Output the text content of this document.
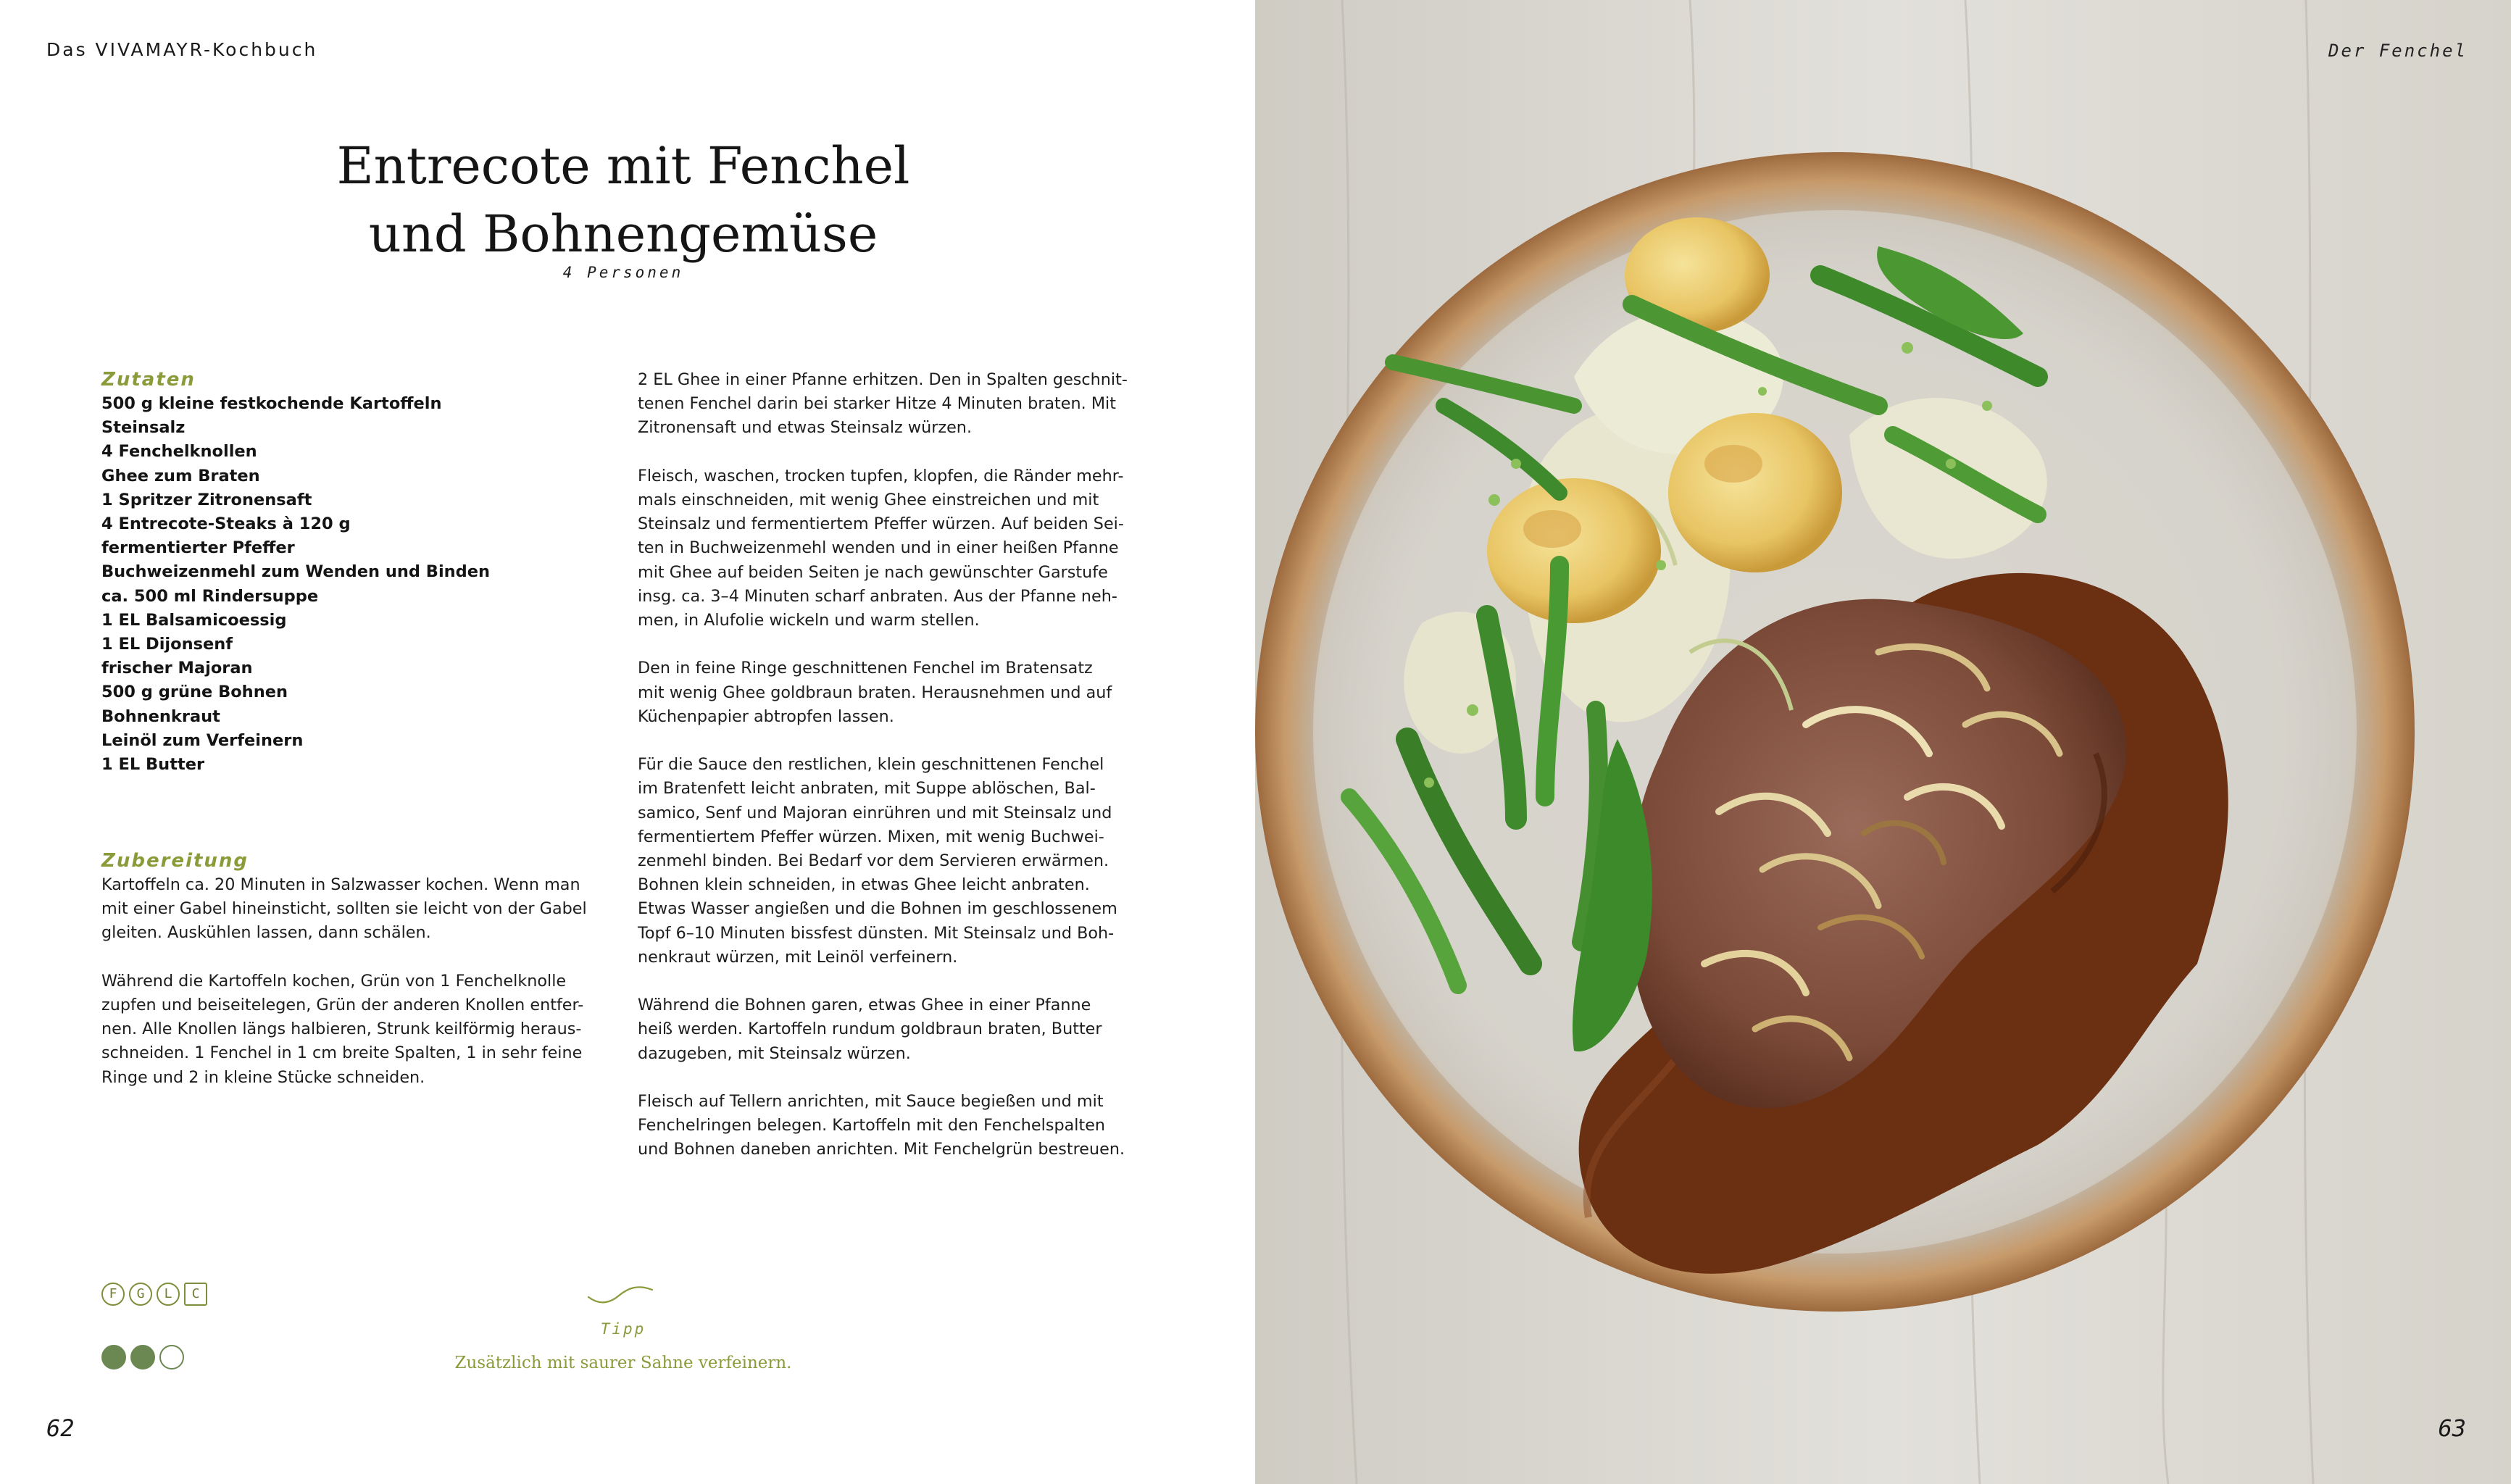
Das VIVAMAYR-Kochbuch
Entrecote mit Fenchel
und Bohnengemüse
4 Personen
Zutaten
500 g kleine festkochende Kartoffeln
Steinsalz
4 Fenchelknollen
Ghee zum Braten
1 Spritzer Zitronensaft
4 Entrecote-Steaks à 120 g
fermentierter Pfeffer
Buchweizenmehl zum Wenden und Binden
ca. 500 ml Rindersuppe
1 EL Balsamicoessig
1 EL Dijonsenf
frischer Majoran
500 g grüne Bohnen
Bohnenkraut
Leinöl zum Verfeinern
1 EL Butter
Zubereitung

Kartoffeln ca. 20 Minuten in Salzwasser kochen. Wenn man
mit einer Gabel hineinsticht, sollten sie leicht von der Gabel
gleiten. Auskühlen lassen, dann schälen.

Während die Kartoffeln kochen, Grün von 1 Fenchelknolle
zupfen und beiseitelegen, Grün der anderen Knollen entfer-
nen. Alle Knollen längs halbieren, Strunk keilförmig heraus-
schneiden. 1 Fenchel in 1 cm breite Spalten, 1 in sehr feine
Ringe und 2 in kleine Stücke schneiden.

2 EL Ghee in einer Pfanne erhitzen. Den in Spalten geschnit-
tenen Fenchel darin bei starker Hitze 4 Minuten braten. Mit
Zitronensaft und etwas Steinsalz würzen.

Fleisch, waschen, trocken tupfen, klopfen, die Ränder mehr-
mals einschneiden, mit wenig Ghee einstreichen und mit
Steinsalz und fermentiertem Pfeffer würzen. Auf beiden Sei-
ten in Buchweizenmehl wenden und in einer heißen Pfanne
mit Ghee auf beiden Seiten je nach gewünschter Garstufe
insg. ca. 3–4 Minuten scharf anbraten. Aus der Pfanne neh-
men, in Alufolie wickeln und warm stellen.

Den in feine Ringe geschnittenen Fenchel im Bratensatz
mit wenig Ghee goldbraun braten. Herausnehmen und auf
Küchenpapier abtropfen lassen.

Für die Sauce den restlichen, klein geschnittenen Fenchel
im Bratenfett leicht anbraten, mit Suppe ablöschen, Bal-
samico, Senf und Majoran einrühren und mit Steinsalz und
fermentiertem Pfeffer würzen. Mixen, mit wenig Buchwei-
zenmehl binden. Bei Bedarf vor dem Servieren erwärmen.
Bohnen klein schneiden, in etwas Ghee leicht anbraten.
Etwas Wasser angießen und die Bohnen im geschlossenem
Topf 6–10 Minuten bissfest dünsten. Mit Steinsalz und Boh-
nenkraut würzen, mit Leinöl verfeinern.

Während die Bohnen garen, etwas Ghee in einer Pfanne
heiß werden. Kartoffeln rundum goldbraun braten, Butter
dazugeben, mit Steinsalz würzen.

Fleisch auf Tellern anrichten, mit Sauce begießen und mit
Fenchelringen belegen. Kartoffeln mit den Fenchelspalten
und Bohnen daneben anrichten. Mit Fenchelgrün bestreuen.

F	G	L	C
Tipp
Zusätzlich mit saurer Sahne verfeinern.
62
Der Fenchel
63
